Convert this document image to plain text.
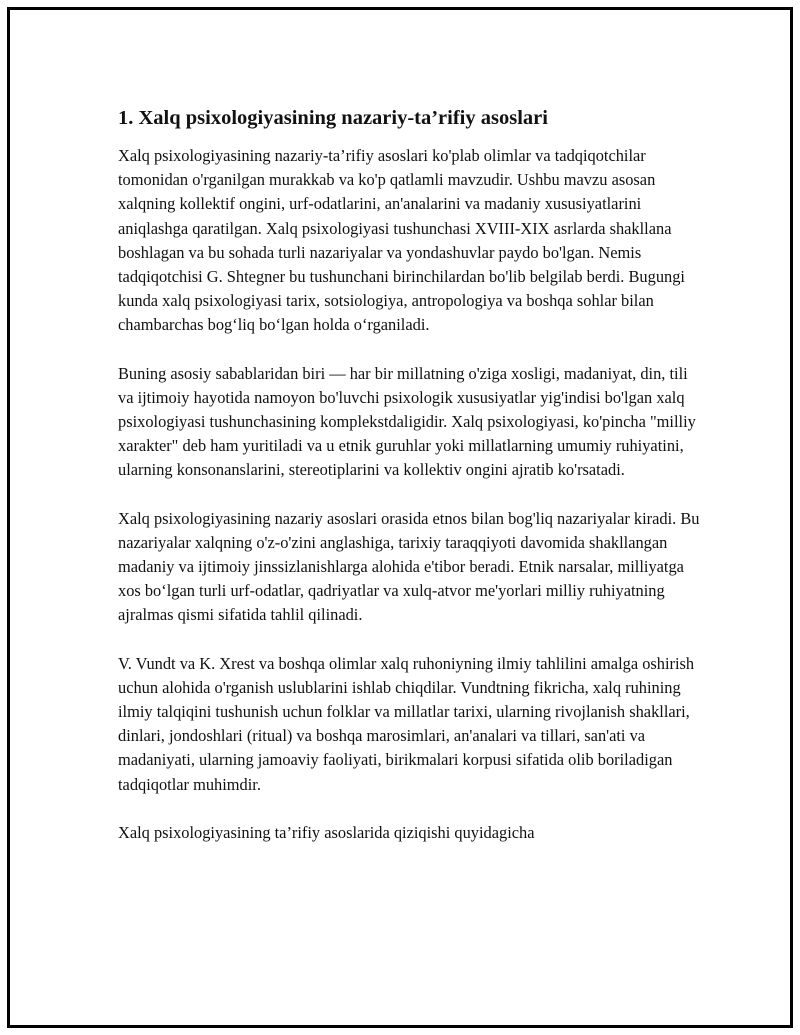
1. Xalq psixologiyasining nazariy-ta’rifiy asoslari

Xalq psixologiyasining nazariy-ta’rifiy asoslari ko'plab olimlar va tadqiqotchilar tomonidan o'rganilgan murakkab va ko'p qatlamli mavzudir. Ushbu mavzu asosan xalqning kollektif ongini, urf-odatlarini, an'analarini va madaniy xususiyatlarini aniqlashga qaratilgan. Xalq psixologiyasi tushunchasi XVIII-XIX asrlarda shakllana boshlagan va bu sohada turli nazariyalar va yondashuvlar paydo bo'lgan. Nemis tadqiqotchisi G. Shtegner bu tushunchani birinchilardan bo'lib belgilab berdi. Bugungi kunda xalq psixologiyasi tarix, sotsiologiya, antropologiya va boshqa sohlar bilan chambarchas bog‘liq bo‘lgan holda o‘rganiladi.

Buning asosiy sabablaridan biri — har bir millatning o'ziga xosligi, madaniyat, din, tili va ijtimoiy hayotida namoyon bo'luvchi psixologik xususiyatlar yig'indisi bo'lgan xalq psixologiyasi tushunchasining komplekstdaligidir. Xalq psixologiyasi, ko'pincha "milliy xarakter" deb ham yuritiladi va u etnik guruhlar yoki millatlarning umumiy ruhiyatini, ularning konsonanslarini, stereotiplarini va kollektiv ongini ajratib ko'rsatadi.

Xalq psixologiyasining nazariy asoslari orasida etnos bilan bog'liq nazariyalar kiradi. Bu nazariyalar xalqning o'z-o'zini anglashiga, tarixiy taraqqiyoti davomida shakllangan madaniy va ijtimoiy jinssizlanishlarga alohida e'tibor beradi. Etnik narsalar, milliyatga xos bo‘lgan turli urf-odatlar, qadriyatlar va xulq-atvor me'yorlari milliy ruhiyatning ajralmas qismi sifatida tahlil qilinadi.

V. Vundt va K. Xrest va boshqa olimlar xalq ruhoniyning ilmiy tahlilini amalga oshirish uchun alohida o'rganish uslublarini ishlab chiqdilar. Vundtning fikricha, xalq ruhining ilmiy talqiqini tushunish uchun folklar va millatlar tarixi, ularning rivojlanish shakllari, dinlari, jondoshlari (ritual) va boshqa marosimlari, an'analari va tillari, san'ati va madaniyati, ularning jamoaviy faoliyati, birikmalari korpusi sifatida olib boriladigan tadqiqotlar muhimdir.

Xalq psixologiyasining ta’rifiy asoslarida qiziqishi quyidagicha
